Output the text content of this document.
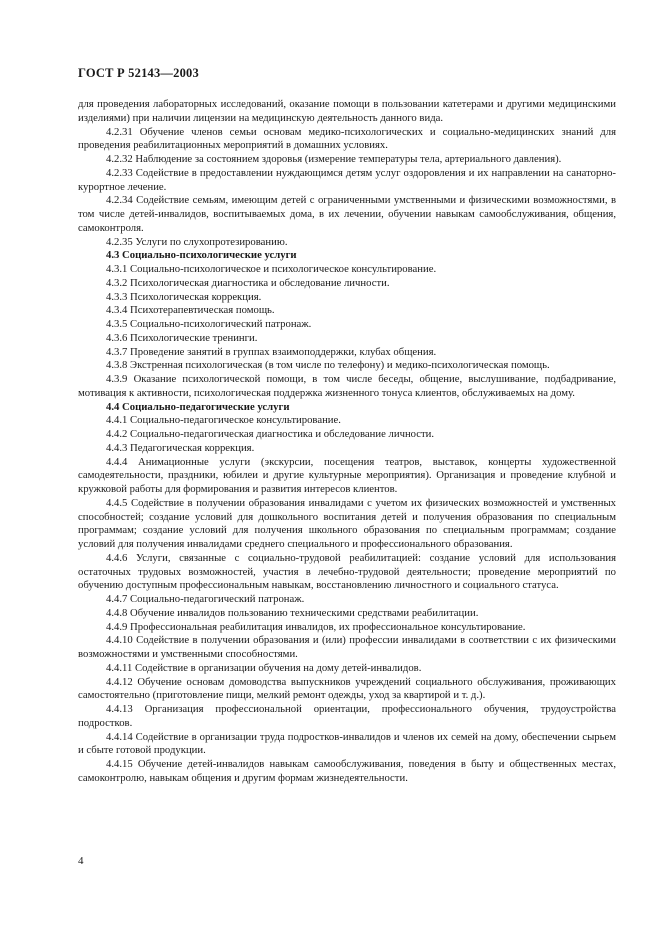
ГОСТ Р 52143—2003

для проведения лабораторных исследований, оказание помощи в пользовании катетерами и другими медицинскими изделиями) при наличии лицензии на медицинскую деятельность данного вида.

4.2.31 Обучение членов семьи основам медико-психологических и социально-медицинских знаний для проведения реабилитационных мероприятий в домашних условиях.

4.2.32 Наблюдение за состоянием здоровья (измерение температуры тела, артериального давления).

4.2.33 Содействие в предоставлении нуждающимся детям услуг оздоровления и их направлении на санаторно-курортное лечение.

4.2.34 Содействие семьям, имеющим детей с ограниченными умственными и физическими возможностями, в том числе детей-инвалидов, воспитываемых дома, в их лечении, обучении навыкам самообслуживания, общения, самоконтроля.

4.2.35 Услуги по слухопротезированию.

4.3 Социально-психологические услуги

4.3.1 Социально-психологическое и психологическое консультирование.

4.3.2 Психологическая диагностика и обследование личности.

4.3.3 Психологическая коррекция.

4.3.4 Психотерапевтическая помощь.

4.3.5 Социально-психологический патронаж.

4.3.6 Психологические тренинги.

4.3.7 Проведение занятий в группах взаимоподдержки, клубах общения.

4.3.8 Экстренная психологическая (в том числе по телефону) и медико-психологическая помощь.

4.3.9 Оказание психологической помощи, в том числе беседы, общение, выслушивание, подбадривание, мотивация к активности, психологическая поддержка жизненного тонуса клиентов, обслуживаемых на дому.

4.4 Социально-педагогические услуги

4.4.1 Социально-педагогическое консультирование.

4.4.2 Социально-педагогическая диагностика и обследование личности.

4.4.3 Педагогическая коррекция.

4.4.4 Анимационные услуги (экскурсии, посещения театров, выставок, концерты художественной самодеятельности, праздники, юбилеи и другие культурные мероприятия). Организация и проведение клубной и кружковой работы для формирования и развития интересов клиентов.

4.4.5 Содействие в получении образования инвалидами с учетом их физических возможностей и умственных способностей; создание условий для дошкольного воспитания детей и получения образования по специальным программам; создание условий для получения школьного образования по специальным программам; создание условий для получения инвалидами среднего специального и профессионального образования.

4.4.6 Услуги, связанные с социально-трудовой реабилитацией: создание условий для использования остаточных трудовых возможностей, участия в лечебно-трудовой деятельности; проведение мероприятий по обучению доступным профессиональным навыкам, восстановлению личностного и социального статуса.

4.4.7 Социально-педагогический патронаж.

4.4.8 Обучение инвалидов пользованию техническими средствами реабилитации.

4.4.9 Профессиональная реабилитация инвалидов, их профессиональное консультирование.

4.4.10 Содействие в получении образования и (или) профессии инвалидами в соответствии с их физическими возможностями и умственными способностями.

4.4.11 Содействие в организации обучения на дому детей-инвалидов.

4.4.12 Обучение основам домоводства выпускников учреждений социального обслуживания, проживающих самостоятельно (приготовление пищи, мелкий ремонт одежды, уход за квартирой и т. д.).

4.4.13 Организация профессиональной ориентации, профессионального обучения, трудоустройства подростков.

4.4.14 Содействие в организации труда подростков-инвалидов и членов их семей на дому, обеспечении сырьем и сбыте готовой продукции.

4.4.15 Обучение детей-инвалидов навыкам самообслуживания, поведения в быту и общественных местах, самоконтролю, навыкам общения и другим формам жизнедеятельности.

4
